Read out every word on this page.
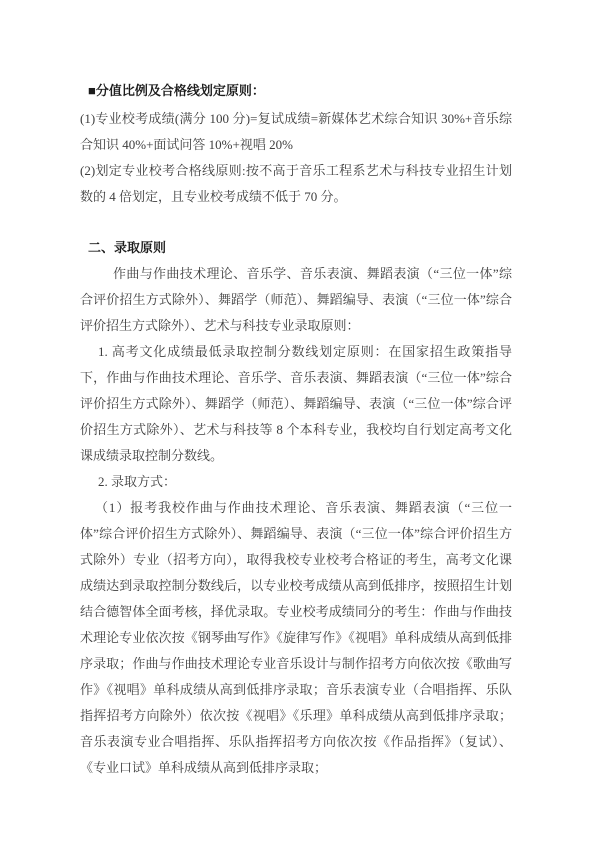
■分值比例及合格线划定原则：

(1)专业校考成绩(满分 100 分)=复试成绩=新媒体艺术综合知识 30%+音乐综合知识 40%+面试问答 10%+视唱 20%

(2)划定专业校考合格线原则:按不高于音乐工程系艺术与科技专业招生计划数的 4 倍划定，且专业校考成绩不低于 70 分。

二、录取原则

作曲与作曲技术理论、音乐学、音乐表演、舞蹈表演（“三位一体”综合评价招生方式除外）、舞蹈学（师范）、舞蹈编导、表演（“三位一体”综合评价招生方式除外）、艺术与科技专业录取原则：

1. 高考文化成绩最低录取控制分数线划定原则：在国家招生政策指导下，作曲与作曲技术理论、音乐学、音乐表演、舞蹈表演（“三位一体”综合评价招生方式除外）、舞蹈学（师范）、舞蹈编导、表演（“三位一体”综合评价招生方式除外）、艺术与科技等 8 个本科专业，我校均自行划定高考文化课成绩录取控制分数线。

2. 录取方式：

（1）报考我校作曲与作曲技术理论、音乐表演、舞蹈表演（“三位一体”综合评价招生方式除外）、舞蹈编导、表演（“三位一体”综合评价招生方式除外）专业（招考方向），取得我校专业校考合格证的考生，高考文化课成绩达到录取控制分数线后，以专业校考成绩从高到低排序，按照招生计划结合德智体全面考核，择优录取。专业校考成绩同分的考生：作曲与作曲技术理论专业依次按《钢琴曲写作》《旋律写作》《视唱》单科成绩从高到低排序录取；作曲与作曲技术理论专业音乐设计与制作招考方向依次按《歌曲写作》《视唱》单科成绩从高到低排序录取；音乐表演专业（合唱指挥、乐队指挥招考方向除外）依次按《视唱》《乐理》单科成绩从高到低排序录取；音乐表演专业合唱指挥、乐队指挥招考方向依次按《作品指挥》（复试）、《专业口试》单科成绩从高到低排序录取；
